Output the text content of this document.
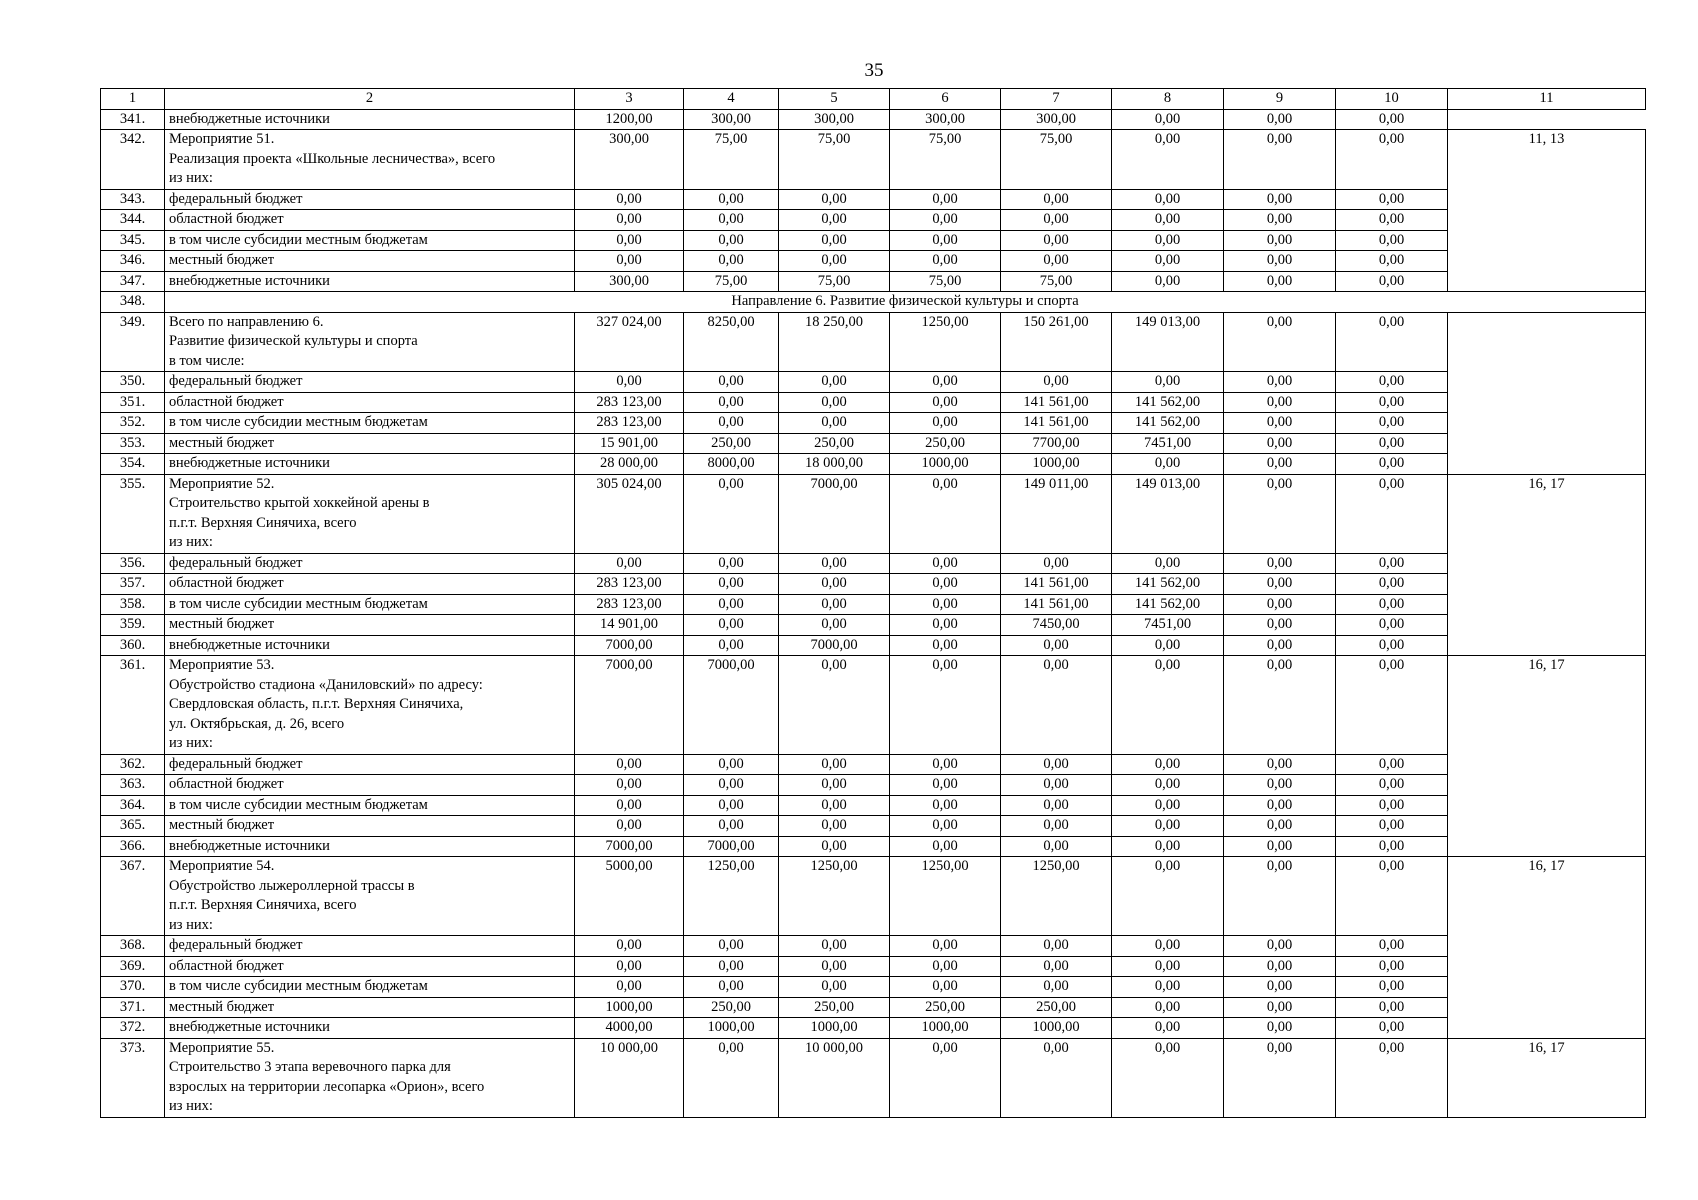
35
1	2	3	4	5	6	7	8	9	10	11
341.	внебюджетные источники	1200,00	300,00	300,00	300,00	300,00	0,00	0,00	0,00	
342.	Мероприятие 51.
Реализация проекта «Школьные лесничества», всего
из них:	300,00	75,00	75,00	75,00	75,00	0,00	0,00	0,00	11, 13
343.	федеральный бюджет	0,00	0,00	0,00	0,00	0,00	0,00	0,00	0,00	
344.	областной бюджет	0,00	0,00	0,00	0,00	0,00	0,00	0,00	0,00	
345.	в том числе субсидии местным бюджетам	0,00	0,00	0,00	0,00	0,00	0,00	0,00	0,00	
346.	местный бюджет	0,00	0,00	0,00	0,00	0,00	0,00	0,00	0,00	
347.	внебюджетные источники	300,00	75,00	75,00	75,00	75,00	0,00	0,00	0,00	
348.	Направление 6. Развитие физической культуры и спорта									
349.	Всего по направлению 6.
Развитие физической культуры и спорта
в том числе:	327 024,00	8250,00	18 250,00	1250,00	150 261,00	149 013,00	0,00	0,00	
350.	федеральный бюджет	0,00	0,00	0,00	0,00	0,00	0,00	0,00	0,00	
351.	областной бюджет	283 123,00	0,00	0,00	0,00	141 561,00	141 562,00	0,00	0,00	
352.	в том числе субсидии местным бюджетам	283 123,00	0,00	0,00	0,00	141 561,00	141 562,00	0,00	0,00	
353.	местный бюджет	15 901,00	250,00	250,00	250,00	7700,00	7451,00	0,00	0,00	
354.	внебюджетные источники	28 000,00	8000,00	18 000,00	1000,00	1000,00	0,00	0,00	0,00	
355.	Мероприятие 52.
Строительство крытой хоккейной арены в
п.г.т. Верхняя Синячиха, всего
из них:	305 024,00	0,00	7000,00	0,00	149 011,00	149 013,00	0,00	0,00	16, 17
356.	федеральный бюджет	0,00	0,00	0,00	0,00	0,00	0,00	0,00	0,00	
357.	областной бюджет	283 123,00	0,00	0,00	0,00	141 561,00	141 562,00	0,00	0,00	
358.	в том числе субсидии местным бюджетам	283 123,00	0,00	0,00	0,00	141 561,00	141 562,00	0,00	0,00	
359.	местный бюджет	14 901,00	0,00	0,00	0,00	7450,00	7451,00	0,00	0,00	
360.	внебюджетные источники	7000,00	0,00	7000,00	0,00	0,00	0,00	0,00	0,00	
361.	Мероприятие 53.
Обустройство стадиона «Даниловский» по адресу:
Свердловская область, п.г.т. Верхняя Синячиха,
ул. Октябрьская, д. 26, всего
из них:	7000,00	7000,00	0,00	0,00	0,00	0,00	0,00	0,00	16, 17
362.	федеральный бюджет	0,00	0,00	0,00	0,00	0,00	0,00	0,00	0,00	
363.	областной бюджет	0,00	0,00	0,00	0,00	0,00	0,00	0,00	0,00	
364.	в том числе субсидии местным бюджетам	0,00	0,00	0,00	0,00	0,00	0,00	0,00	0,00	
365.	местный бюджет	0,00	0,00	0,00	0,00	0,00	0,00	0,00	0,00	
366.	внебюджетные источники	7000,00	7000,00	0,00	0,00	0,00	0,00	0,00	0,00	
367.	Мероприятие 54.
Обустройство лыжероллерной трассы в
п.г.т. Верхняя Синячиха, всего
из них:	5000,00	1250,00	1250,00	1250,00	1250,00	0,00	0,00	0,00	16, 17
368.	федеральный бюджет	0,00	0,00	0,00	0,00	0,00	0,00	0,00	0,00	
369.	областной бюджет	0,00	0,00	0,00	0,00	0,00	0,00	0,00	0,00	
370.	в том числе субсидии местным бюджетам	0,00	0,00	0,00	0,00	0,00	0,00	0,00	0,00	
371.	местный бюджет	1000,00	250,00	250,00	250,00	250,00	0,00	0,00	0,00	
372.	внебюджетные источники	4000,00	1000,00	1000,00	1000,00	1000,00	0,00	0,00	0,00	
373.	Мероприятие 55.
Строительство 3 этапа веревочного парка для
взрослых на территории лесопарка «Орион», всего
из них:	10 000,00	0,00	10 000,00	0,00	0,00	0,00	0,00	0,00	16, 17
